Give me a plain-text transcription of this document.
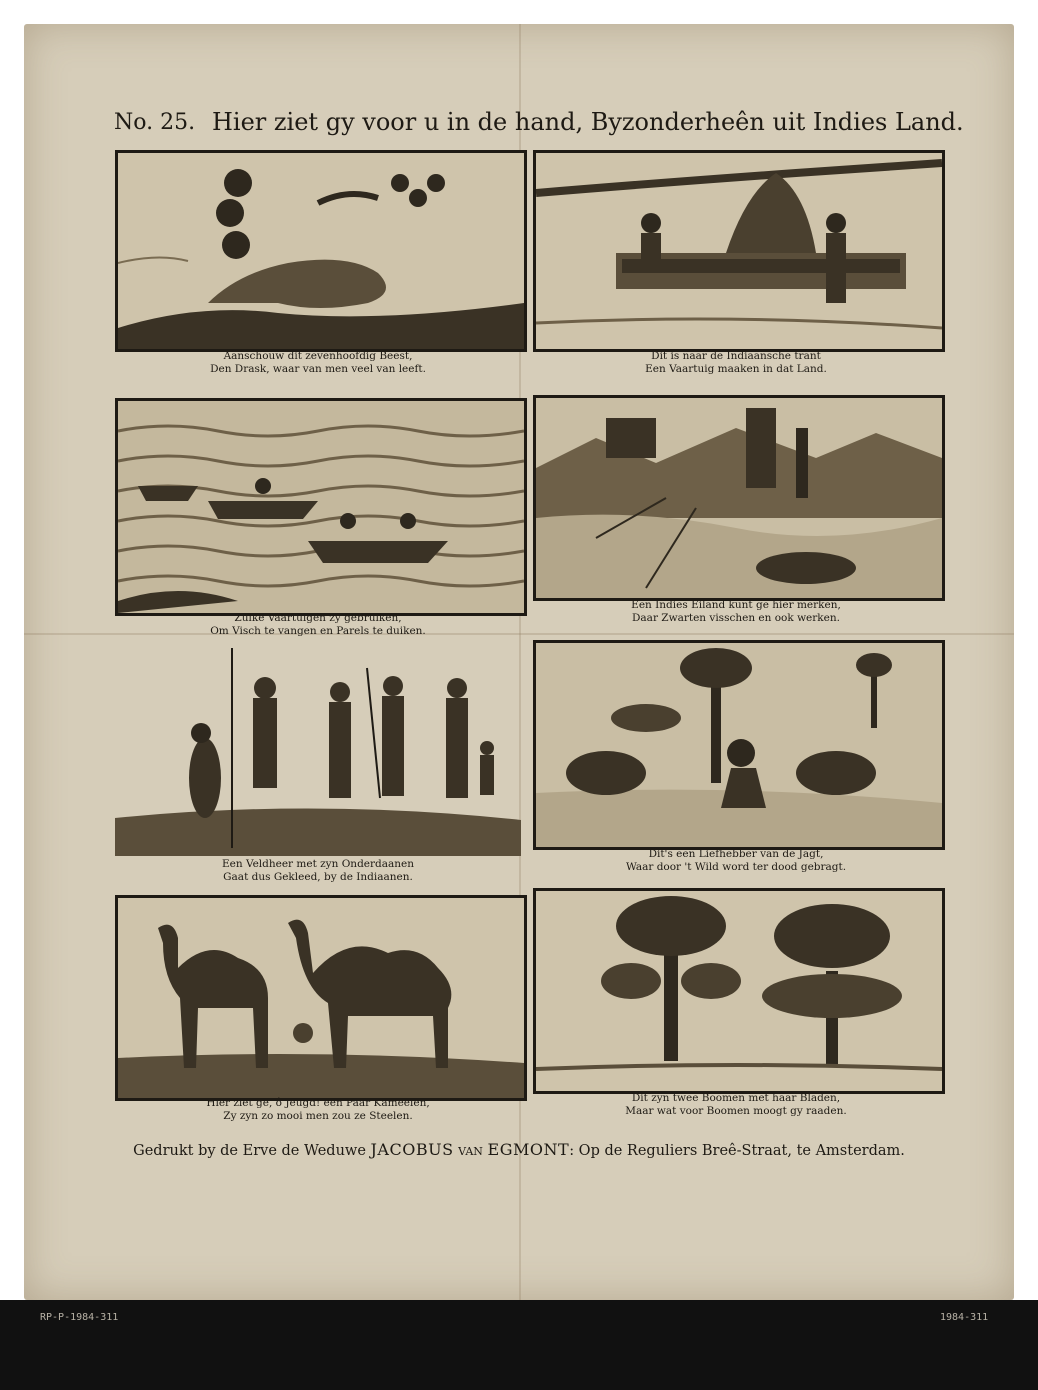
No. 25. Hier ziet gy voor u in de hand, Byzonderheên uit Indies Land.
Aanschouw dit zevenhoofdig Beest,
Den Drask, waar van men veel van leeft.
Dit is naar de Indiaansche trant
Een Vaartuig maaken in dat Land.
Zulke Vaartuigen zy gebruiken,
Om Visch te vangen en Parels te duiken.
Een Indies Eiland kunt ge hier merken,
Daar Zwarten visschen en ook werken.
Een Veldheer met zyn Onderdaanen
Gaat dus Gekleed, by de Indiaanen.
Dit's een Liefhebber van de Jagt,
Waar door 't Wild word ter dood gebragt.
Hier ziet ge, ô Jeugd! een Paar Kameelen,
Zy zyn zo mooi men zou ze Steelen.
Dit zyn twee Boomen met haar Bladen,
Maar wat voor Boomen moogt gy raaden.
Gedrukt by de Erve de Weduwe JACOBUS VAN EGMONT: Op de Reguliers Breê-Straat, te Amsterdam.
RP-P-1984-311	1984-311
